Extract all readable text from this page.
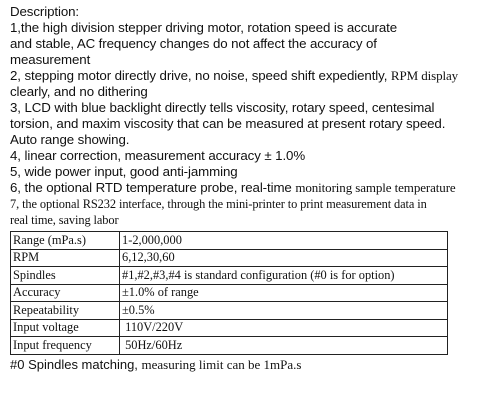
Description:
1,the high division stepper driving motor, rotation speed is accurate
and stable, AC frequency changes do not affect the accuracy of
measurement
2, stepping motor directly drive, no noise, speed shift expediently, RPM display
clearly, and no dithering
3, LCD with blue backlight directly tells viscosity, rotary speed, centesimal
torsion, and maxim viscosity that can be measured at present rotary speed.
Auto range showing.
4, linear correction, measurement accuracy ± 1.0%
5, wide power input, good anti-jamming
6, the optional RTD temperature probe, real-time monitoring sample temperature
7, the optional RS232 interface, through the mini-printer to print measurement data in
real time, saving labor
Range (mPa.s)	1-2,000,000
RPM	6,12,30,60
Spindles	#1,#2,#3,#4 is standard configuration (#0 is for option)
Accuracy	±1.0% of range
Repeatability	±0.5%
Input voltage	110V/220V
Input frequency	50Hz/60Hz
#0 Spindles matching, measuring limit can be 1mPa.s
